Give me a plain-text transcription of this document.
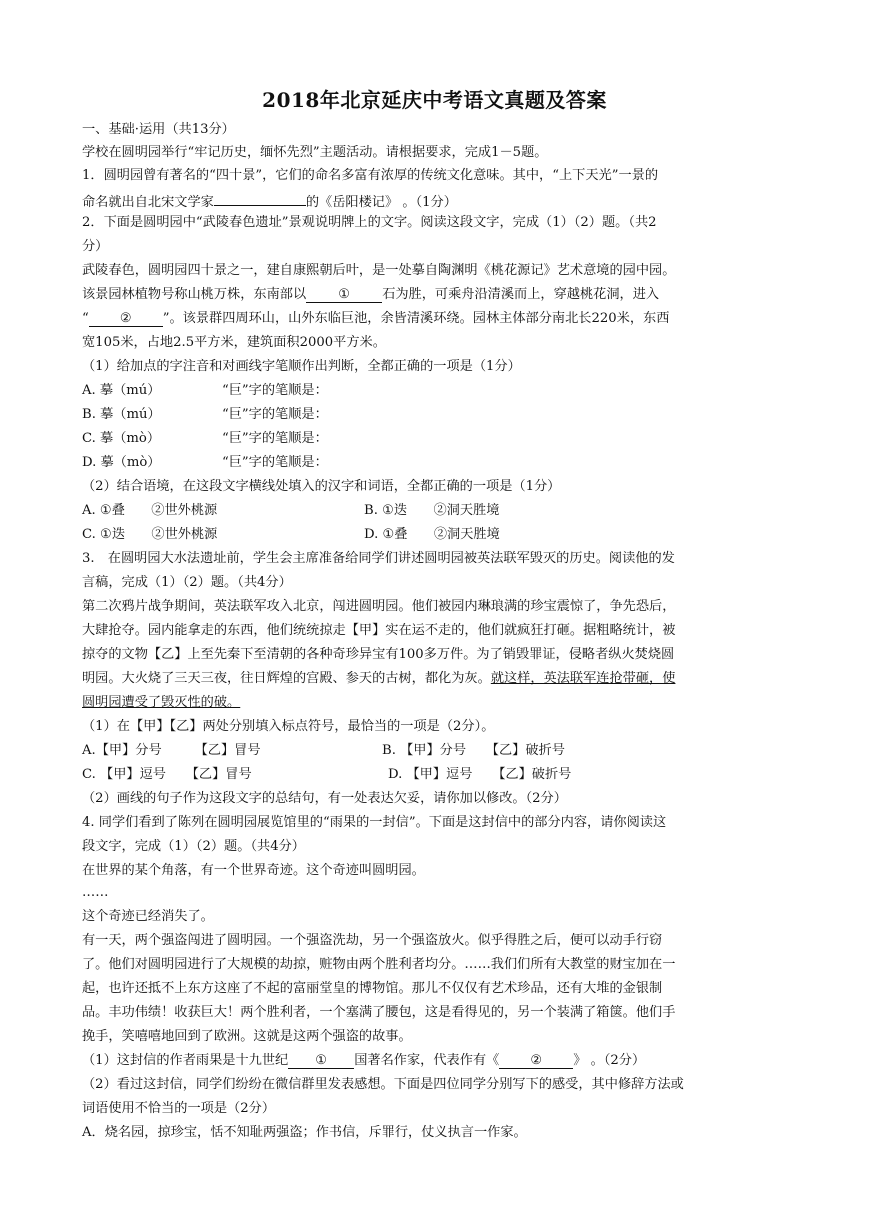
2018年北京延庆中考语文真题及答案
一、基础·运用（共13分）
学校在圆明园举行“牢记历史，缅怀先烈”主题活动。请根据要求，完成1－5题。
1．圆明园曾有著名的“四十景”，它们的命名多富有浓厚的传统文化意味。其中，“上下天光”一景的
命名就出自北宋文学家	的《岳阳楼记》 。（1分）
2．下面是圆明园中“武陵春色遗址”景观说明牌上的文字。阅读这段文字，完成（1）（2）题。（共2
分）
武陵春色，圆明园四十景之一，建自康熙朝后叶，是一处摹自陶渊明《桃花源记》艺术意境的园中园。
该景园林植物号称山桃万株，东南部以 ① 石为胜，可乘舟沿清溪而上，穿越桃花洞，进入
“ ② ”。该景群四周环山，山外东临巨池，余皆清溪环绕。园林主体部分南北长220米，东西
宽105米，占地2.5平方米，建筑面积2000平方米。
（1）给加点的字注音和对画线字笔顺作出判断，全都正确的一项是（1分）
A. 摹（mú）	“巨”字的笔顺是：
B. 摹（mú）	“巨”字的笔顺是：
C. 摹（mò）	“巨”字的笔顺是：
D. 摹（mò）	“巨”字的笔顺是：
（2）结合语境，在这段文字横线处填入的汉字和词语，全都正确的一项是（1分）
A. ①叠　　②世外桃源	B. ①迭　　②洞天胜境
C. ①迭　　②世外桃源	D. ①叠　　②洞天胜境
3.　在圆明园大水法遗址前，学生会主席准备给同学们讲述圆明园被英法联军毁灭的历史。阅读他的发
言稿，完成（1）（2）题。（共4分）
第二次鸦片战争期间，英法联军攻入北京，闯进圆明园。他们被园内琳琅满的珍宝震惊了，争先恐后，
大肆抢夺。园内能拿走的东西，他们统统掠走【甲】实在运不走的，他们就疯狂打砸。据粗略统计，被
掠夺的文物【乙】上至先秦下至清朝的各种奇珍异宝有100多万件。为了销毁罪证，侵略者纵火焚烧圆
明园。大火烧了三天三夜，往日辉煌的宫殿、参天的古树，都化为灰。就这样，英法联军连抢带砸，使
圆明园遭受了毁灭性的破。
（1）在【甲】【乙】两处分别填入标点符号，最恰当的一项是（2分）。
A.【甲】分号　　　【乙】冒号	B. 【甲】分号　　【乙】破折号
C. 【甲】逗号　　【乙】冒号	D. 【甲】逗号　　【乙】破折号
（2）画线的句子作为这段文字的总结句，有一处表达欠妥，请你加以修改。（2分）
4. 同学们看到了陈列在圆明园展览馆里的“雨果的一封信”。下面是这封信中的部分内容，请你阅读这
段文字，完成（1）（2）题。（共4分）
在世界的某个角落，有一个世界奇迹。这个奇迹叫圆明园。
……
这个奇迹已经消失了。
有一天，两个强盗闯进了圆明园。一个强盗洗劫，另一个强盗放火。似乎得胜之后，便可以动手行窃
了。他们对圆明园进行了大规模的劫掠，赃物由两个胜利者均分。……我们们所有大教堂的财宝加在一
起，也许还抵不上东方这座了不起的富丽堂皇的博物馆。那儿不仅仅有艺术珍品，还有大堆的金银制
品。丰功伟绩！收获巨大！两个胜利者，一个塞满了腰包，这是看得见的，另一个装满了箱箧。他们手
挽手，笑嘻嘻地回到了欧洲。这就是这两个强盗的故事。
（1）这封信的作者雨果是十九世纪 ① 国著名作家，代表作有《 ② 》 。（2分）
（2）看过这封信，同学们纷纷在微信群里发表感想。下面是四位同学分别写下的感受，其中修辞方法或
词语使用不恰当的一项是（2分）
A．烧名园，掠珍宝，恬不知耻两强盗；作书信，斥罪行，仗义执言一作家。
